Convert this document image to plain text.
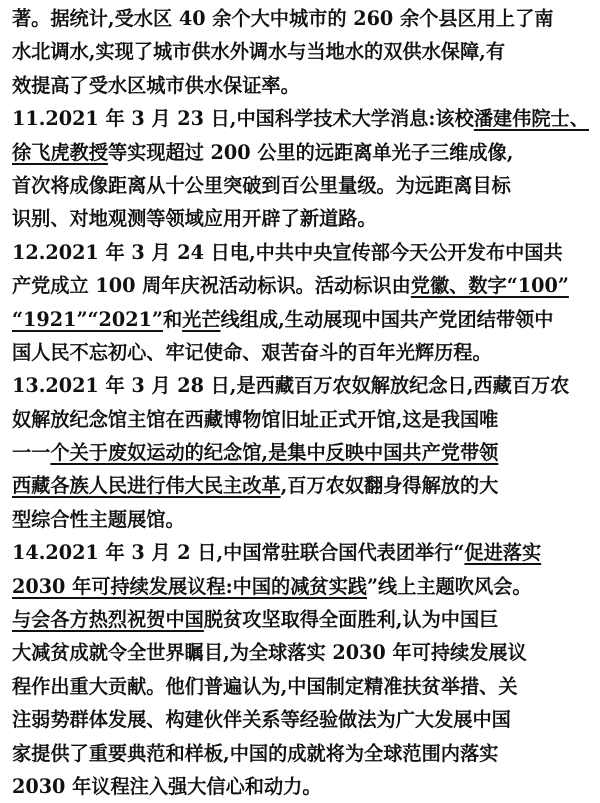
著。据统计,受水区 40 余个大中城市的 260 余个县区用上了南
水北调水,实现了城市供水外调水与当地水的双供水保障,有
效提高了受水区城市供水保证率。
11.2021 年 3 月 23 日,中国科学技术大学消息:该校潘建伟院士、
徐飞虎教授等实现超过 200 公里的远距离单光子三维成像,
首次将成像距离从十公里突破到百公里量级。为远距离目标
识别、对地观测等领域应用开辟了新道路。
12.2021 年 3 月 24 日电,中共中央宣传部今天公开发布中国共
产党成立 100 周年庆祝活动标识。活动标识由党徽、数字“100”
“1921”“2021”和光芒线组成,生动展现中国共产党团结带领中
国人民不忘初心、牢记使命、艰苦奋斗的百年光辉历程。
13.2021 年 3 月 28 日,是西藏百万农奴解放纪念日,西藏百万农
奴解放纪念馆主馆在西藏博物馆旧址正式开馆,这是我国唯
一一个关于废奴运动的纪念馆,是集中反映中国共产党带领
西藏各族人民进行伟大民主改革,百万农奴翻身得解放的大
型综合性主题展馆。
14.2021 年 3 月 2 日,中国常驻联合国代表团举行“促进落实
2030 年可持续发展议程:中国的减贫实践”线上主题吹风会。
与会各方热烈祝贺中国脱贫攻坚取得全面胜利,认为中国巨
大减贫成就令全世界瞩目,为全球落实 2030 年可持续发展议
程作出重大贡献。他们普遍认为,中国制定精准扶贫举措、关
注弱势群体发展、构建伙伴关系等经验做法为广大发展中国
家提供了重要典范和样板,中国的成就将为全球范围内落实
2030 年议程注入强大信心和动力。
